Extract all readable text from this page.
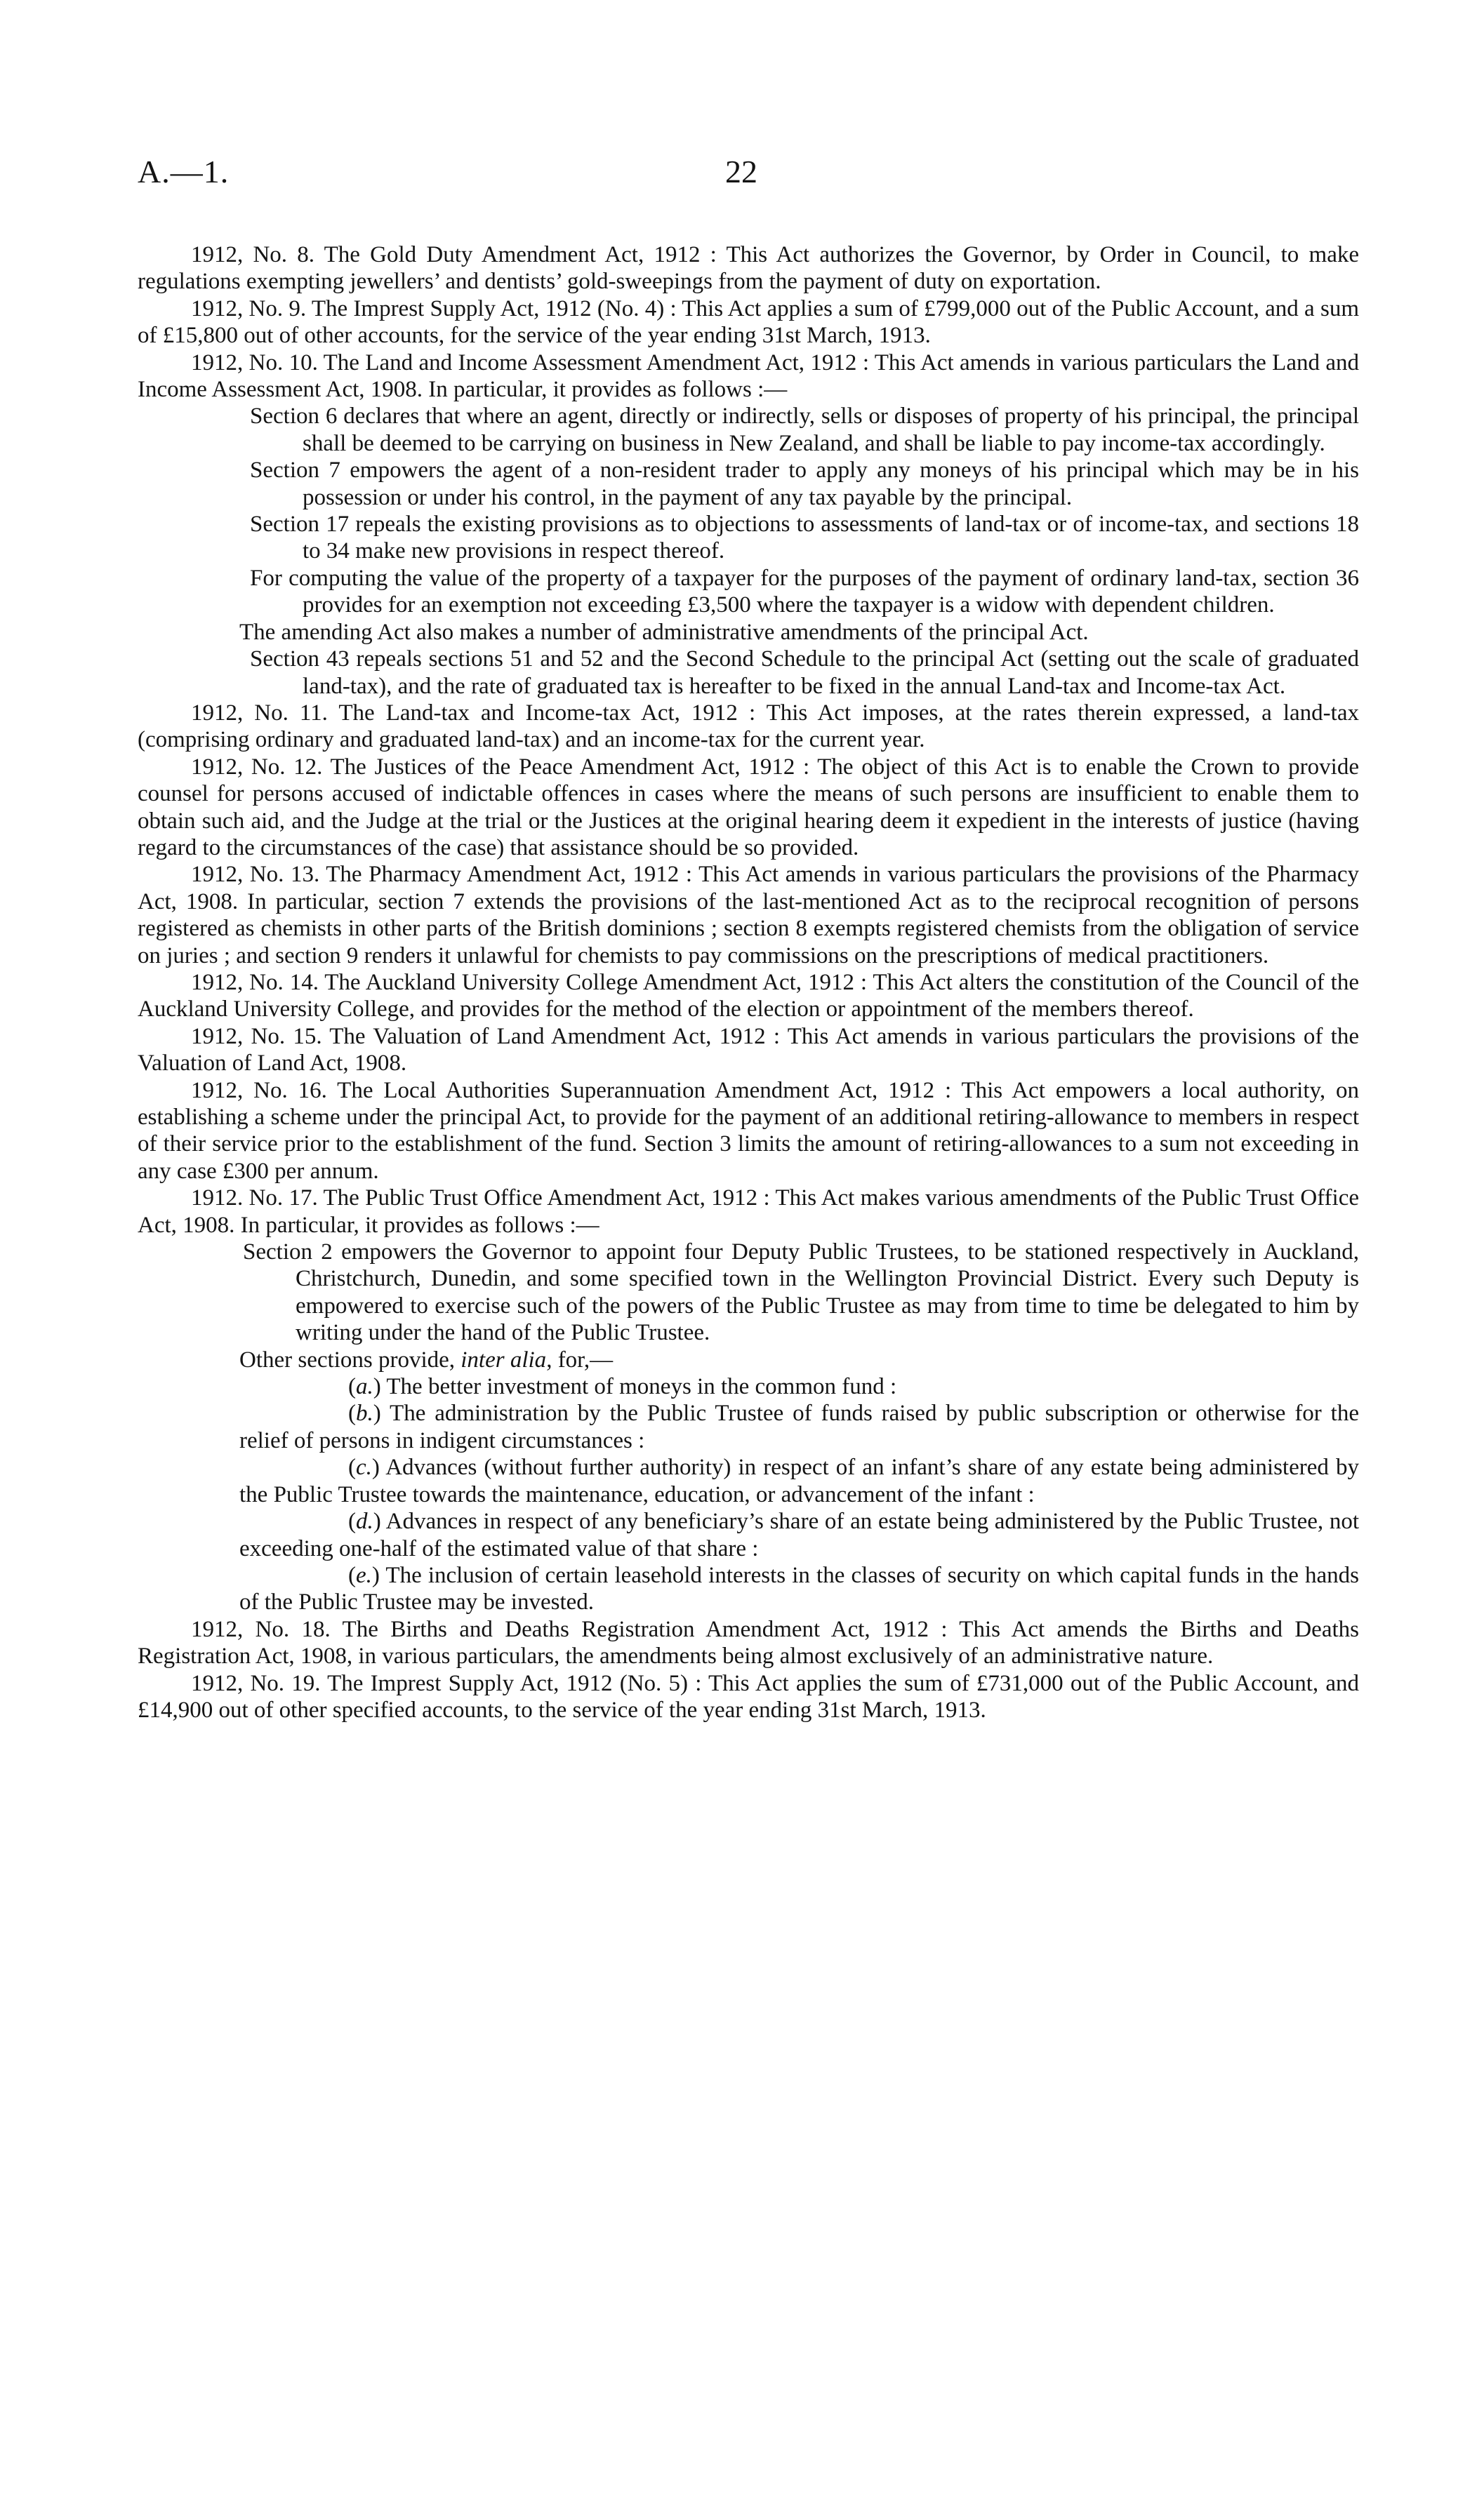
A.—1.	22

1912, No. 8. The Gold Duty Amendment Act, 1912 : This Act authorizes the Governor, by Order in Council, to make regulations exempting jewellers’ and dentists’ gold-sweepings from the payment of duty on exportation.

1912, No. 9. The Imprest Supply Act, 1912 (No. 4) : This Act applies a sum of £799,000 out of the Public Account, and a sum of £15,800 out of other accounts, for the service of the year ending 31st March, 1913.

1912, No. 10. The Land and Income Assessment Amendment Act, 1912 : This Act amends in various particulars the Land and Income Assessment Act, 1908. In particular, it provides as follows :—

Section 6 declares that where an agent, directly or indirectly, sells or disposes of property of his principal, the principal shall be deemed to be carrying on business in New Zealand, and shall be liable to pay income-tax accordingly.

Section 7 empowers the agent of a non-resident trader to apply any moneys of his principal which may be in his possession or under his control, in the payment of any tax payable by the principal.

Section 17 repeals the existing provisions as to objections to assessments of land-tax or of income-tax, and sections 18 to 34 make new provisions in respect thereof.

For computing the value of the property of a taxpayer for the purposes of the payment of ordinary land-tax, section 36 provides for an exemption not exceeding £3,500 where the taxpayer is a widow with dependent children.

The amending Act also makes a number of administrative amendments of the principal Act.

Section 43 repeals sections 51 and 52 and the Second Schedule to the principal Act (setting out the scale of graduated land-tax), and the rate of graduated tax is hereafter to be fixed in the annual Land-tax and Income-tax Act.

1912, No. 11. The Land-tax and Income-tax Act, 1912 : This Act imposes, at the rates therein expressed, a land-tax (comprising ordinary and graduated land-tax) and an income-tax for the current year.

1912, No. 12. The Justices of the Peace Amendment Act, 1912 : The object of this Act is to enable the Crown to provide counsel for persons accused of indictable offences in cases where the means of such persons are insufficient to enable them to obtain such aid, and the Judge at the trial or the Justices at the original hearing deem it expedient in the interests of justice (having regard to the circumstances of the case) that assistance should be so provided.

1912, No. 13. The Pharmacy Amendment Act, 1912 : This Act amends in various particulars the provisions of the Pharmacy Act, 1908. In particular, section 7 extends the provisions of the last-mentioned Act as to the reciprocal recognition of persons registered as chemists in other parts of the British dominions ; section 8 exempts registered chemists from the obligation of service on juries ; and section 9 renders it unlawful for chemists to pay commissions on the prescriptions of medical practitioners.

1912, No. 14. The Auckland University College Amendment Act, 1912 : This Act alters the constitution of the Council of the Auckland University College, and provides for the method of the election or appointment of the members thereof.

1912, No. 15. The Valuation of Land Amendment Act, 1912 : This Act amends in various particulars the provisions of the Valuation of Land Act, 1908.

1912, No. 16. The Local Authorities Superannuation Amendment Act, 1912 : This Act empowers a local authority, on establishing a scheme under the principal Act, to provide for the payment of an additional retiring-allowance to members in respect of their service prior to the establishment of the fund. Section 3 limits the amount of retiring-allowances to a sum not exceeding in any case £300 per annum.

1912. No. 17. The Public Trust Office Amendment Act, 1912 : This Act makes various amendments of the Public Trust Office Act, 1908. In particular, it provides as follows :—

Section 2 empowers the Governor to appoint four Deputy Public Trustees, to be stationed respectively in Auckland, Christchurch, Dunedin, and some specified town in the Wellington Provincial District. Every such Deputy is empowered to exercise such of the powers of the Public Trustee as may from time to time be delegated to him by writing under the hand of the Public Trustee.

Other sections provide, inter alia, for,—

(a.) The better investment of moneys in the common fund :

(b.) The administration by the Public Trustee of funds raised by public subscription or otherwise for the relief of persons in indigent circumstances :

(c.) Advances (without further authority) in respect of an infant’s share of any estate being administered by the Public Trustee towards the maintenance, education, or advancement of the infant :

(d.) Advances in respect of any beneficiary’s share of an estate being administered by the Public Trustee, not exceeding one-half of the estimated value of that share :

(e.) The inclusion of certain leasehold interests in the classes of security on which capital funds in the hands of the Public Trustee may be invested.

1912, No. 18. The Births and Deaths Registration Amendment Act, 1912 : This Act amends the Births and Deaths Registration Act, 1908, in various particulars, the amendments being almost exclusively of an administrative nature.

1912, No. 19. The Imprest Supply Act, 1912 (No. 5) : This Act applies the sum of £731,000 out of the Public Account, and £14,900 out of other specified accounts, to the service of the year ending 31st March, 1913.
